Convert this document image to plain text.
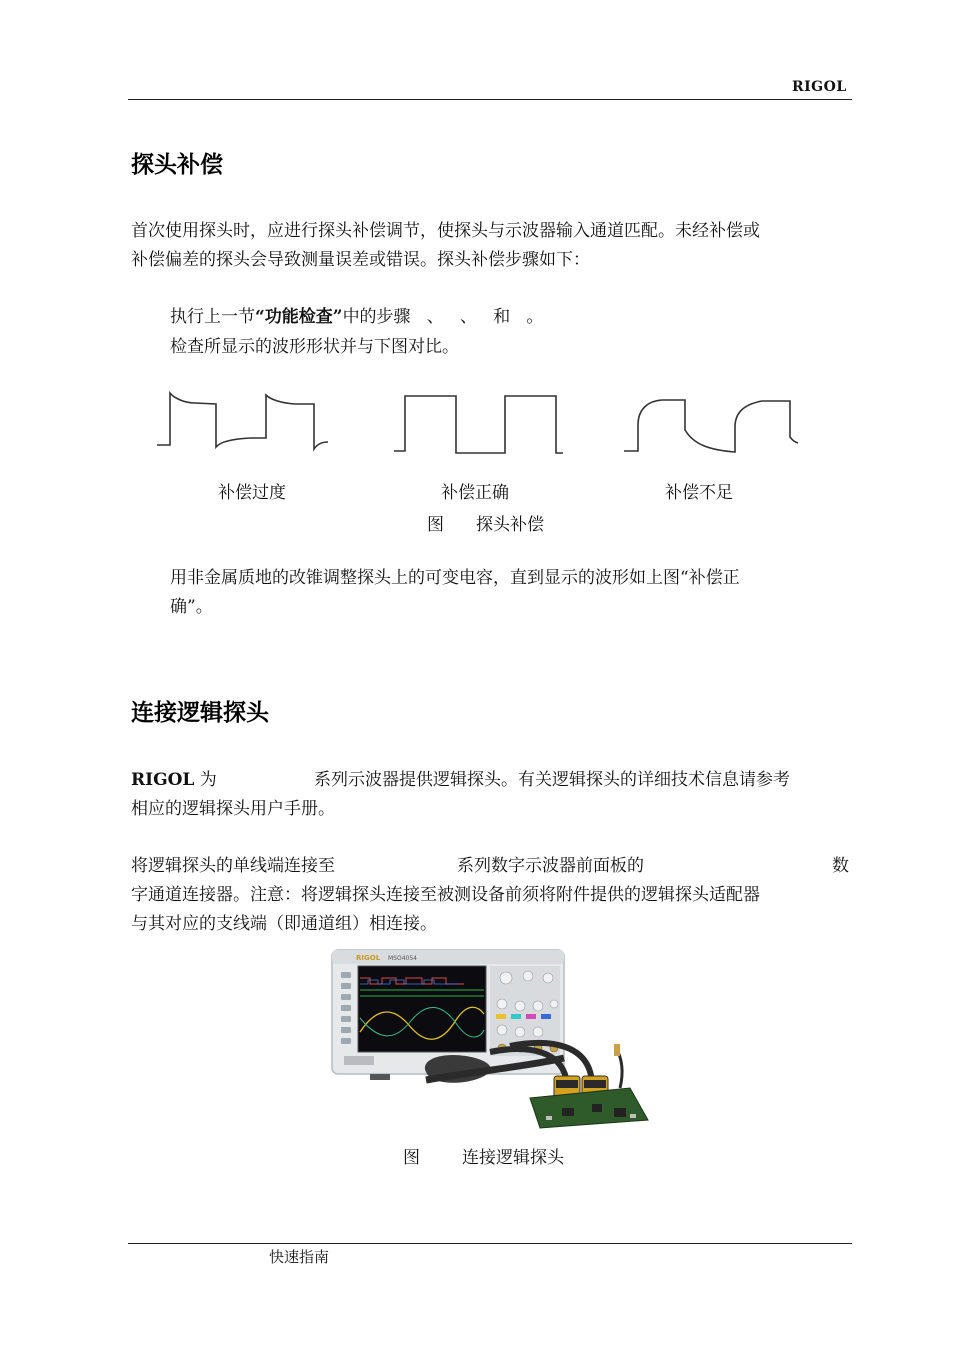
RIGOL
探头补偿
首次使用探头时，应进行探头补偿调节，使探头与示波器输入通道匹配。未经补偿或
补偿偏差的探头会导致测量误差或错误。探头补偿步骤如下：
执行上一节“功能检查”中的步骤   、   、   和   。
检查所显示的波形形状并与下图对比。
补偿过度	补偿正确	补偿不足
图 探头补偿
用非金属质地的改锥调整探头上的可变电容，直到显示的波形如上图“补偿正
确”。
连接逻辑探头
RIGOL 为	系列示波器提供逻辑探头。有关逻辑探头的详细技术信息请参考
相应的逻辑探头用户手册。
将逻辑探头的单线端连接至	系列数字示波器前面板的	数
字通道连接器。注意：将逻辑探头连接至被测设备前须将附件提供的逻辑探头适配器
与其对应的支线端（即通道组）相连接。
RIGOL MSO4054
图 连接逻辑探头
快速指南
